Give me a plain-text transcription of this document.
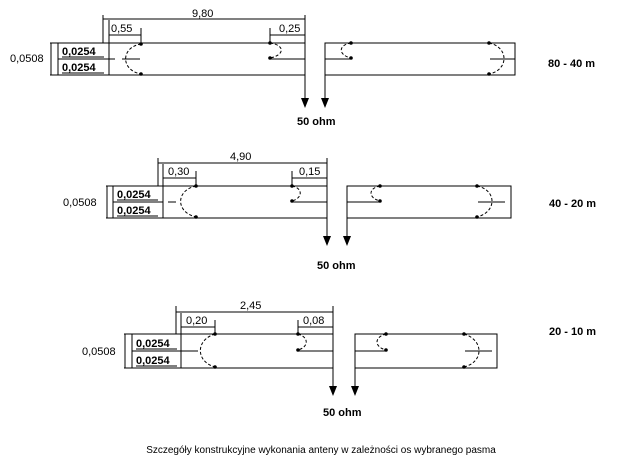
50 ohm
9,80
0,55	0,25
0,0508
0,0254
0,0254	80 - 40 m
50 ohm
4,90
0,30	0,15
0,0508
0,0254
0,0254
40 - 20 m
50 ohm
2,45
0,20	0,08
0,0508
0,0254
0,0254
20 - 10 m
Szczegóły konstrukcyjne wykonania anteny w zależności os wybranego pasma
